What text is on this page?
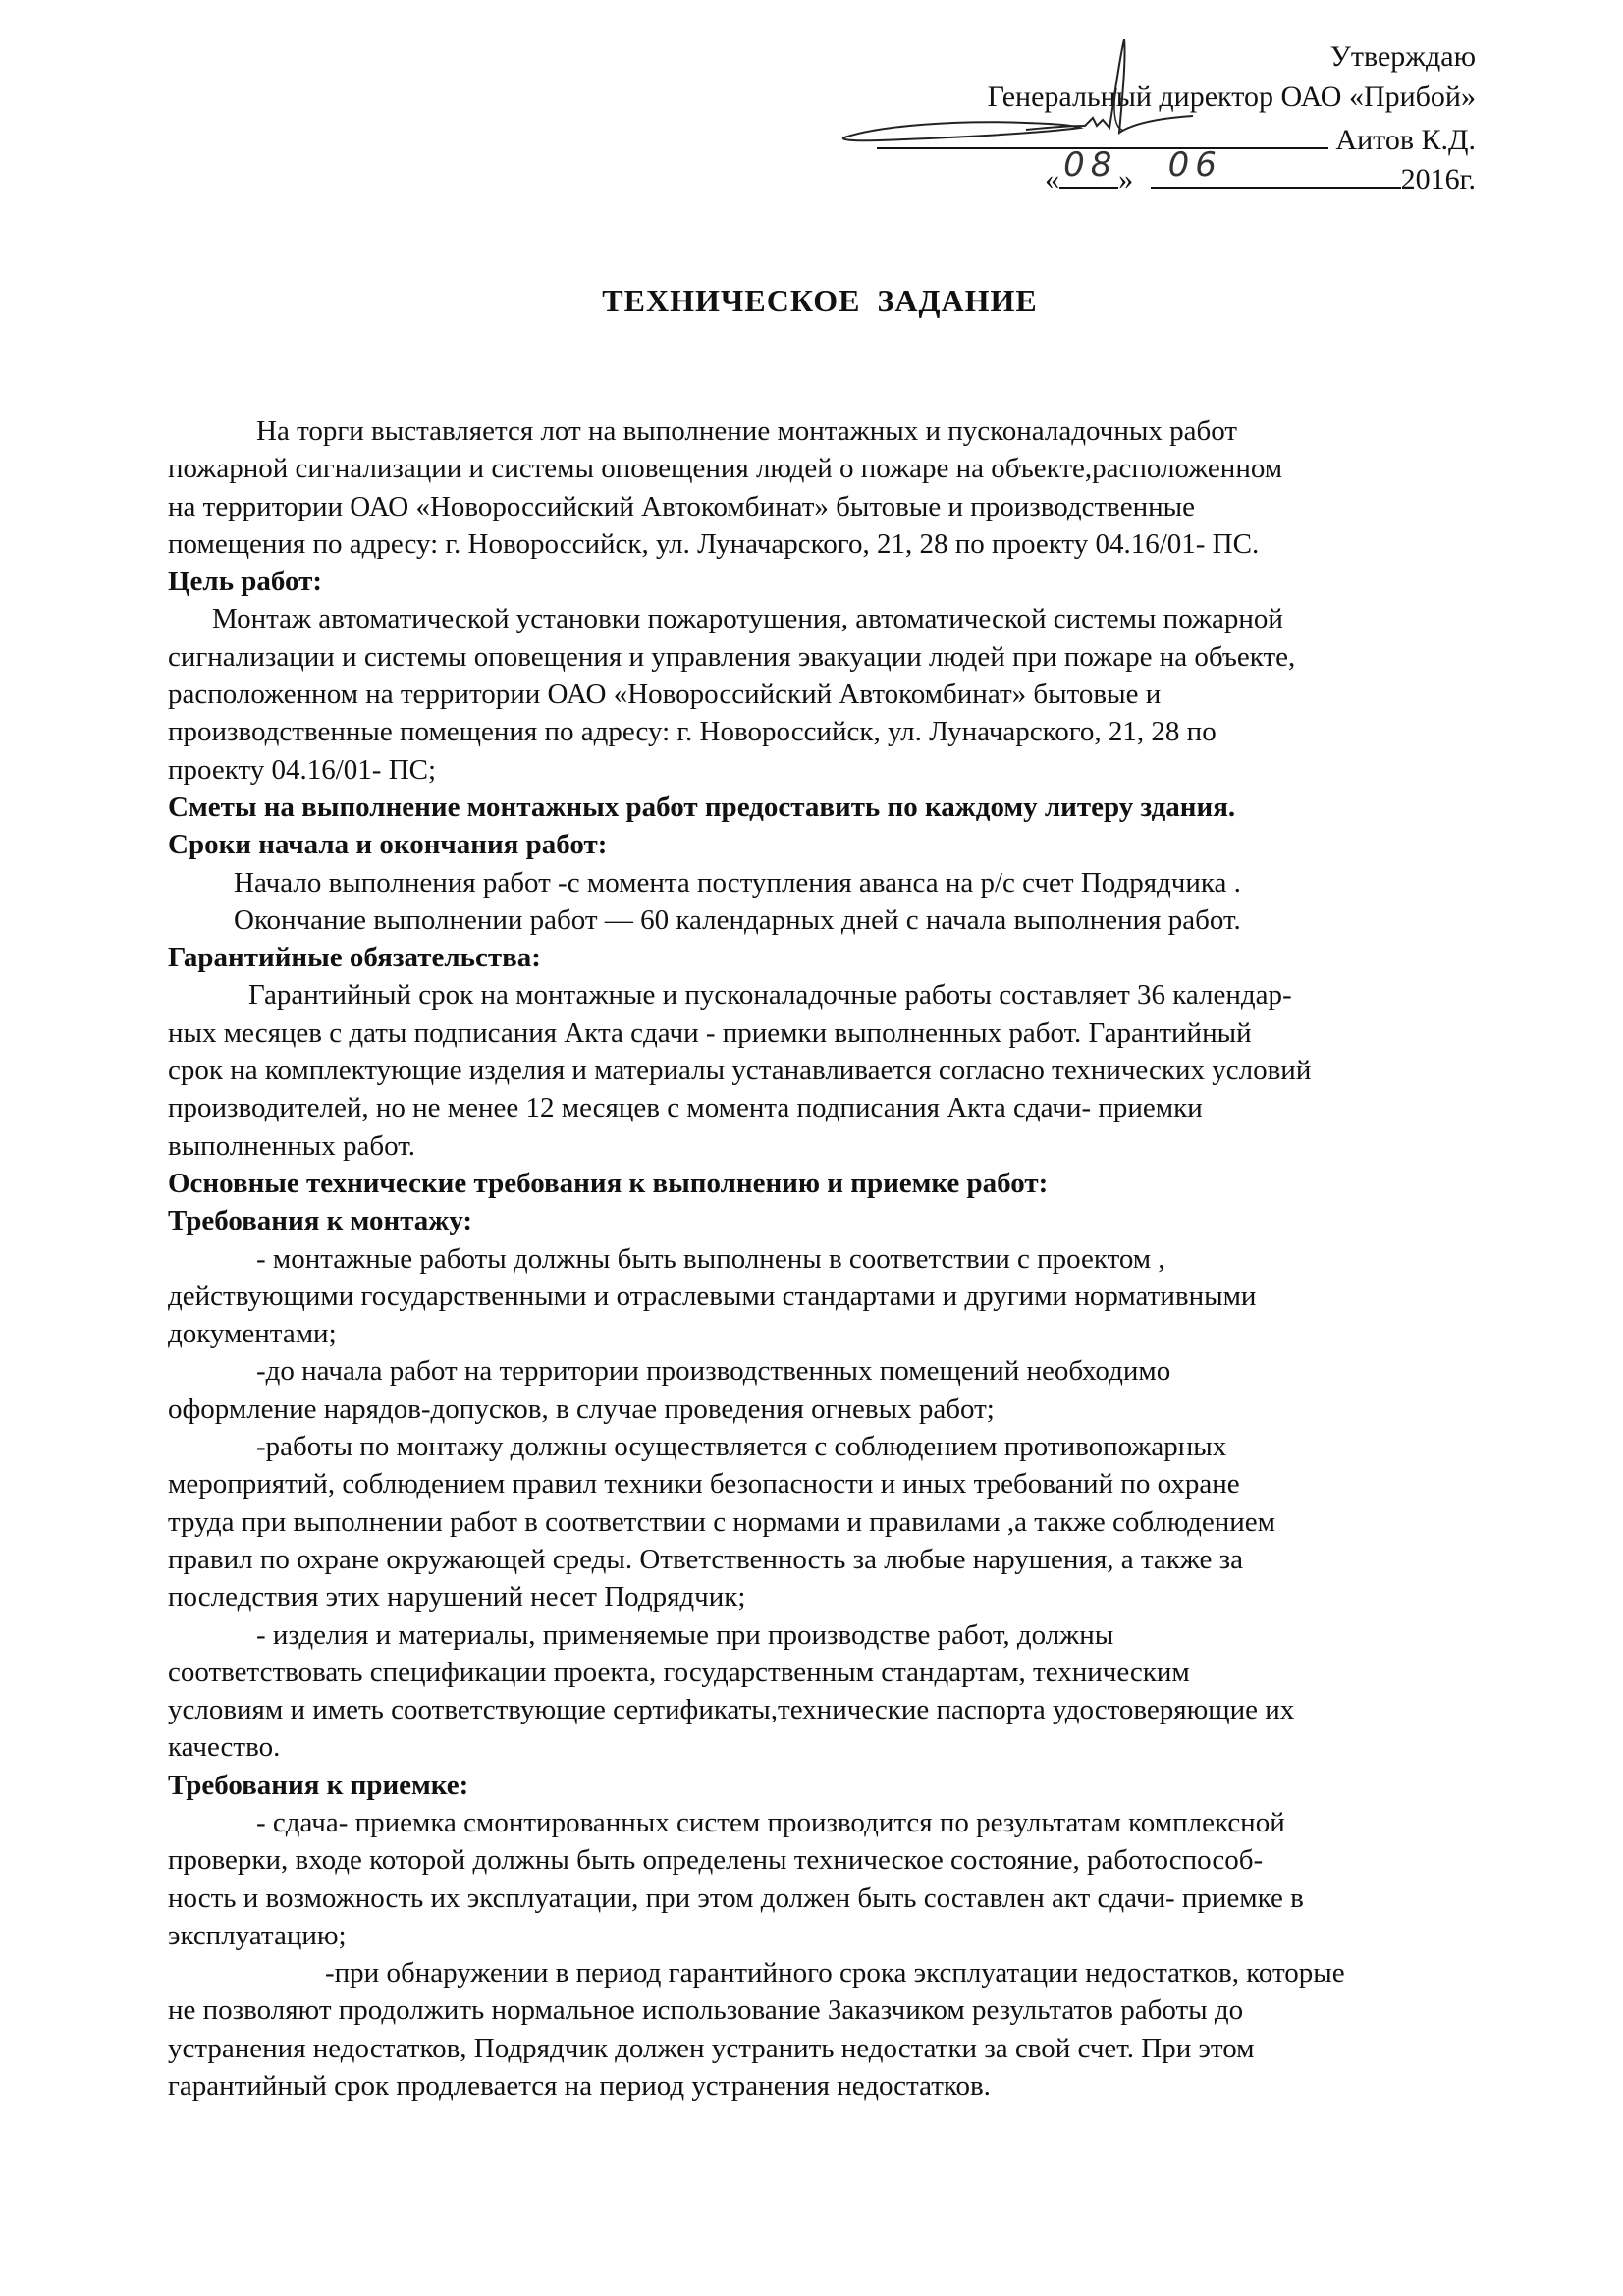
Утверждаю
Генеральный директор ОАО «Прибой»
Аитов К.Д.
« 08 » 06	2016г.
ТЕХНИЧЕСКОЕ ЗАДАНИЕ
На торги выставляется лот на выполнение монтажных и пусконаладочных работ
пожарной сигнализации и системы оповещения людей о пожаре на объекте,расположенном
на территории ОАО «Новороссийский Автокомбинат» бытовые и производственные
помещения по адресу: г. Новороссийск, ул. Луначарского, 21, 28 по проекту 04.16/01- ПС.
Цель работ:
Монтаж автоматической установки пожаротушения, автоматической системы пожарной
сигнализации и системы оповещения и управления эвакуации людей при пожаре на объекте,
расположенном на территории ОАО «Новороссийский Автокомбинат» бытовые и
производственные помещения по адресу: г. Новороссийск, ул. Луначарского, 21, 28 по
проекту 04.16/01- ПС;
Сметы на выполнение монтажных работ предоставить по каждому литеру здания.
Сроки начала и окончания работ:
Начало выполнения работ -с момента поступления аванса на р/с счет Подрядчика .
Окончание выполнении работ — 60 календарных дней с начала выполнения работ.
Гарантийные обязательства:
Гарантийный срок на монтажные и пусконаладочные работы составляет 36 календар-
ных месяцев с даты подписания Акта сдачи - приемки выполненных работ. Гарантийный
срок на комплектующие изделия и материалы устанавливается согласно технических условий
производителей, но не менее 12 месяцев с момента подписания Акта сдачи- приемки
выполненных работ.
Основные технические требования к выполнению и приемке работ:
Требования к монтажу:
- монтажные работы должны быть выполнены в соответствии с проектом ,
действующими государственными и отраслевыми стандартами и другими нормативными
документами;
-до начала работ на территории производственных помещений необходимо
оформление нарядов-допусков, в случае проведения огневых работ;
-работы по монтажу должны осуществляется с соблюдением противопожарных
мероприятий, соблюдением правил техники безопасности и иных требований по охране
труда при выполнении работ в соответствии с нормами и правилами ,а также соблюдением
правил по охране окружающей среды. Ответственность за любые нарушения, а также за
последствия этих нарушений несет Подрядчик;
- изделия и материалы, применяемые при производстве работ, должны
соответствовать спецификации проекта, государственным стандартам, техническим
условиям и иметь соответствующие сертификаты,технические паспорта удостоверяющие их
качество.
Требования к приемке:
- сдача- приемка смонтированных систем производится по результатам комплексной
проверки, входе которой должны быть определены техническое состояние, работоспособ-
ность и возможность их эксплуатации, при этом должен быть составлен акт сдачи- приемке в
эксплуатацию;
-при обнаружении в период гарантийного срока эксплуатации недостатков, которые
не позволяют продолжить нормальное использование Заказчиком результатов работы до
устранения недостатков, Подрядчик должен устранить недостатки за свой счет. При этом
гарантийный срок продлевается на период устранения недостатков.
